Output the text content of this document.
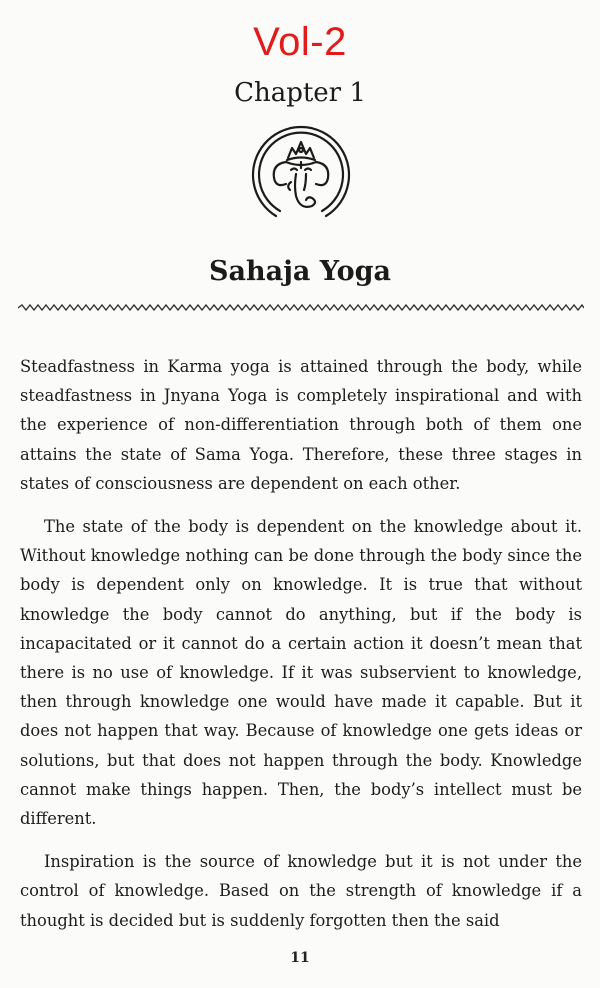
Vol-2
Chapter 1
Sahaja Yoga

Steadfastness in Karma yoga is attained through the body, while steadfastness in Jnyana Yoga is completely inspirational and with the experience of non-differentiation through both of them one attains the state of Sama Yoga. Therefore, these three stages in states of consciousness are dependent on each other.

The state of the body is dependent on the knowledge about it. Without knowledge nothing can be done through the body since the body is dependent only on knowledge. It is true that without knowledge the body cannot do anything, but if the body is incapacitated or it cannot do a certain action it doesn’t mean that there is no use of knowledge. If it was subservient to knowledge, then through knowledge one would have made it capable. But it does not happen that way. Because of knowledge one gets ideas or solutions, but that does not happen through the body. Knowledge cannot make things happen. Then, the body’s intellect must be different.

Inspiration is the source of knowledge but it is not under the control of knowledge. Based on the strength of knowledge if a thought is decided but is suddenly forgotten then the said

11
